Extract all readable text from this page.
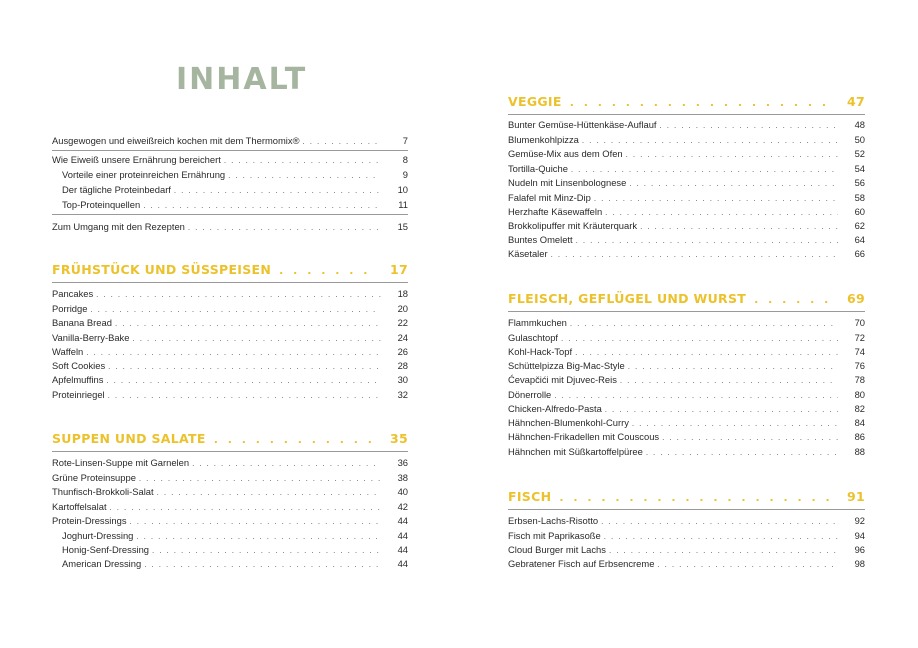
INHALT
Ausgewogen und eiweißreich kochen mit dem Thermomix® . . .	7
Wie Eiweiß unsere Ernährung bereichert . . .	8
Vorteile einer proteinreichen Ernährung . . .	9
Der tägliche Proteinbedarf . . .	10
Top-Proteinquellen . . .	11
Zum Umgang mit den Rezepten . . .	15
FRÜHSTÜCK UND SÜSSPEISEN . . .	17
Pancakes . . .	18
Porridge . . .	20
Banana Bread . . .	22
Vanilla-Berry-Bake . . .	24
Waffeln . . .	26
Soft Cookies . . .	28
Apfelmuffins . . .	30
Proteinriegel . . .	32
SUPPEN UND SALATE . . .	35
Rote-Linsen-Suppe mit Garnelen . . .	36
Grüne Proteinsuppe . . .	38
Thunfisch-Brokkoli-Salat . . .	40
Kartoffelsalat . . .	42
Protein-Dressings . . .	44
Joghurt-Dressing . . .	44
Honig-Senf-Dressing . . .	44
American Dressing . . .	44
VEGGIE . . .	47
Bunter Gemüse-Hüttenkäse-Auflauf . . .	48
Blumenkohlpizza . . .	50
Gemüse-Mix aus dem Ofen . . .	52
Tortilla-Quiche . . .	54
Nudeln mit Linsenbolognese . . .	56
Falafel mit Minz-Dip . . .	58
Herzhafte Käsewaffeln . . .	60
Brokkolipuffer mit Kräuterquark . . .	62
Buntes Omelett . . .	64
Käsetaler . . .	66
FLEISCH, GEFLÜGEL UND WURST . . .	69
Flammkuchen . . .	70
Gulaschtopf . . .	72
Kohl-Hack-Topf . . .	74
Schüttelpizza Big-Mac-Style . . .	76
Ćevapčići mit Djuvec-Reis . . .	78
Dönerrolle . . .	80
Chicken-Alfredo-Pasta . . .	82
Hähnchen-Blumenkohl-Curry . . .	84
Hähnchen-Frikadellen mit Couscous . . .	86
Hähnchen mit Süßkartoffelpüree . . .	88
FISCH . . .	91
Erbsen-Lachs-Risotto . . .	92
Fisch mit Paprikasoße . . .	94
Cloud Burger mit Lachs . . .	96
Gebratener Fisch auf Erbsencreme . . .	98
